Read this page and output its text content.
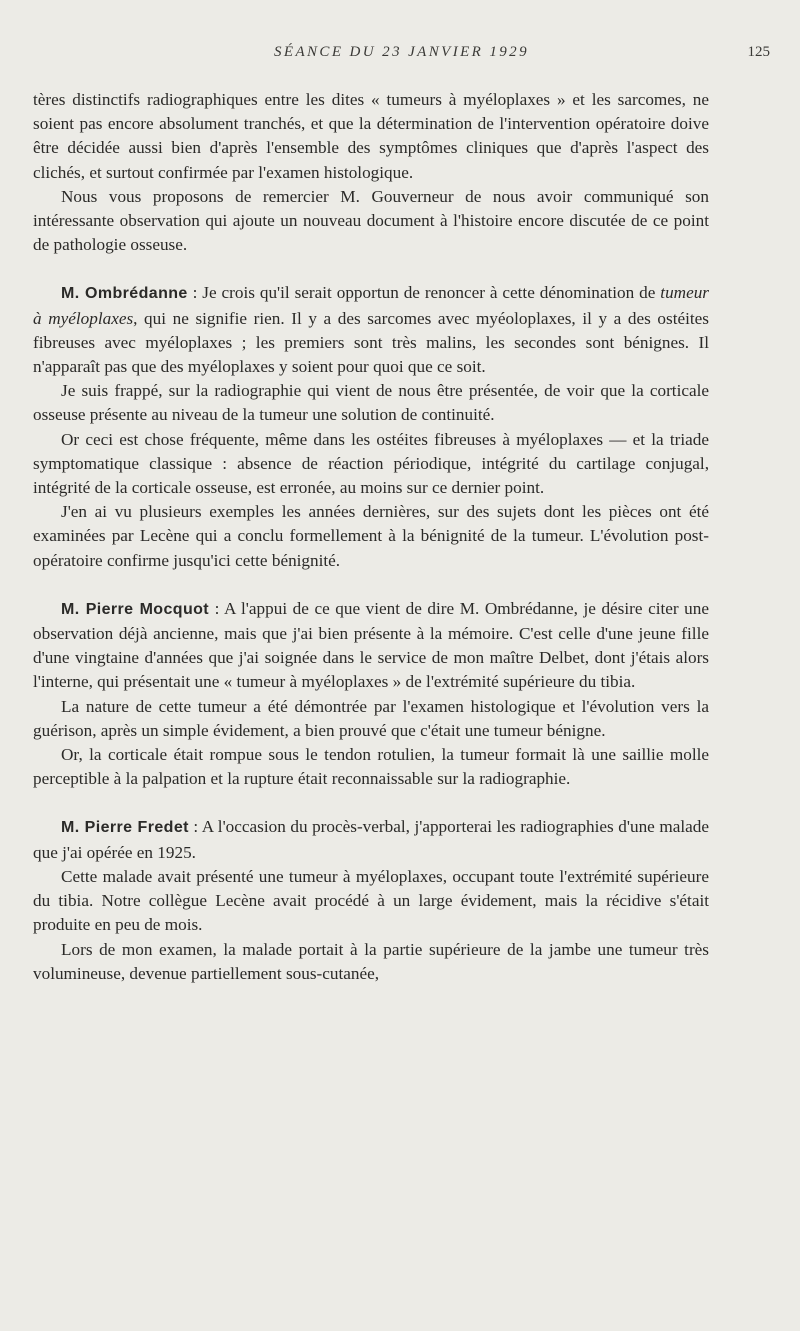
SÉANCE DU 23 JANVIER 1929	125

tères distinctifs radiographiques entre les dites « tumeurs à myéloplaxes » et les sarcomes, ne soient pas encore absolument tranchés, et que la détermination de l'intervention opératoire doive être décidée aussi bien d'après l'ensemble des symptômes cliniques que d'après l'aspect des clichés, et surtout confirmée par l'examen histologique.

Nous vous proposons de remercier M. Gouverneur de nous avoir communiqué son intéressante observation qui ajoute un nouveau document à l'histoire encore discutée de ce point de pathologie osseuse.

M. Ombrédanne : Je crois qu'il serait opportun de renoncer à cette dénomination de tumeur à myéloplaxes, qui ne signifie rien. Il y a des sarcomes avec myéoloplaxes, il y a des ostéites fibreuses avec myéloplaxes ; les premiers sont très malins, les secondes sont bénignes. Il n'apparaît pas que des myéloplaxes y soient pour quoi que ce soit.

Je suis frappé, sur la radiographie qui vient de nous être présentée, de voir que la corticale osseuse présente au niveau de la tumeur une solution de continuité.

Or ceci est chose fréquente, même dans les ostéites fibreuses à myéloplaxes — et la triade symptomatique classique : absence de réaction périodique, intégrité du cartilage conjugal, intégrité de la corticale osseuse, est erronée, au moins sur ce dernier point.

J'en ai vu plusieurs exemples les années dernières, sur des sujets dont les pièces ont été examinées par Lecène qui a conclu formellement à la bénignité de la tumeur. L'évolution post-opératoire confirme jusqu'ici cette bénignité.

M. Pierre Mocquot : A l'appui de ce que vient de dire M. Ombrédanne, je désire citer une observation déjà ancienne, mais que j'ai bien présente à la mémoire. C'est celle d'une jeune fille d'une vingtaine d'années que j'ai soignée dans le service de mon maître Delbet, dont j'étais alors l'interne, qui présentait une « tumeur à myéloplaxes » de l'extrémité supérieure du tibia.

La nature de cette tumeur a été démontrée par l'examen histologique et l'évolution vers la guérison, après un simple évidement, a bien prouvé que c'était une tumeur bénigne.

Or, la corticale était rompue sous le tendon rotulien, la tumeur formait là une saillie molle perceptible à la palpation et la rupture était reconnaissable sur la radiographie.

M. Pierre Fredet : A l'occasion du procès-verbal, j'apporterai les radiographies d'une malade que j'ai opérée en 1925.

Cette malade avait présenté une tumeur à myéloplaxes, occupant toute l'extrémité supérieure du tibia. Notre collègue Lecène avait procédé à un large évidement, mais la récidive s'était produite en peu de mois.

Lors de mon examen, la malade portait à la partie supérieure de la jambe une tumeur très volumineuse, devenue partiellement sous-cutanée,
